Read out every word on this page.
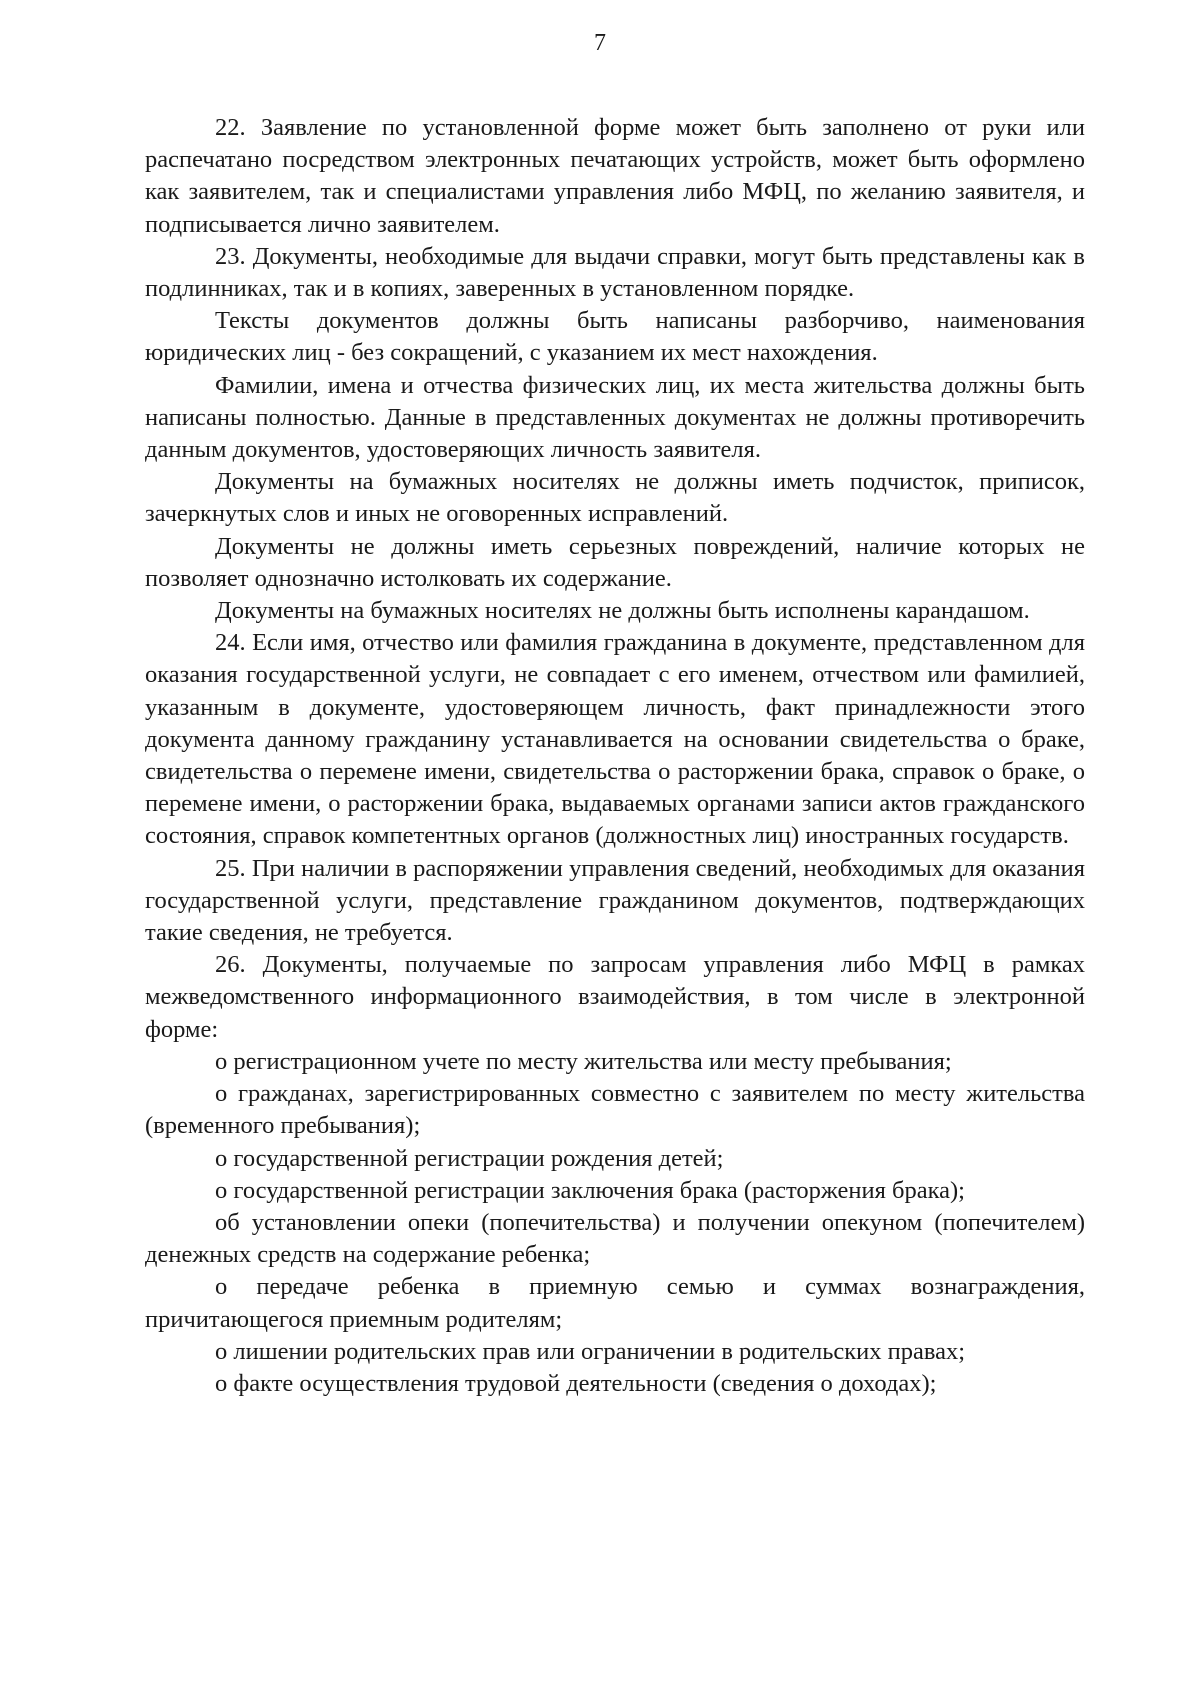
7

22. Заявление по установленной форме может быть заполнено от руки или распечатано посредством электронных печатающих устройств, может быть оформлено как заявителем, так и специалистами управления либо МФЦ, по желанию заявителя, и подписывается лично заявителем.

23. Документы, необходимые для выдачи справки, могут быть представлены как в подлинниках, так и в копиях, заверенных в установленном порядке.

Тексты документов должны быть написаны разборчиво, наименования юридических лиц - без сокращений, с указанием их мест нахождения.

Фамилии, имена и отчества физических лиц, их места жительства должны быть написаны полностью. Данные в представленных документах не должны противоречить данным документов, удостоверяющих личность заявителя.

Документы на бумажных носителях не должны иметь подчисток, приписок, зачеркнутых слов и иных не оговоренных исправлений.

Документы не должны иметь серьезных повреждений, наличие которых не позволяет однозначно истолковать их содержание.

Документы на бумажных носителях не должны быть исполнены карандашом.

24. Если имя, отчество или фамилия гражданина в документе, представленном для оказания государственной услуги, не совпадает с его именем, отчеством или фамилией, указанным в документе, удостоверяющем личность, факт принадлежности этого документа данному гражданину устанавливается на основании свидетельства о браке, свидетельства о перемене имени, свидетельства о расторжении брака, справок о браке, о перемене имени, о расторжении брака, выдаваемых органами записи актов гражданского состояния, справок компетентных органов (должностных лиц) иностранных государств.

25. При наличии в распоряжении управления сведений, необходимых для оказания государственной услуги, представление гражданином документов, подтверждающих такие сведения, не требуется.

26. Документы, получаемые по запросам управления либо МФЦ в рамках межведомственного информационного взаимодействия, в том числе в электронной форме:

о регистрационном учете по месту жительства или месту пребывания;

о гражданах, зарегистрированных совместно с заявителем по месту жительства (временного пребывания);

о государственной регистрации рождения детей;

о государственной регистрации заключения брака (расторжения брака);

об установлении опеки (попечительства) и получении опекуном (попечителем) денежных средств на содержание ребенка;

о передаче ребенка в приемную семью и суммах вознаграждения, причитающегося приемным родителям;

о лишении родительских прав или ограничении в родительских правах;

о факте осуществления трудовой деятельности (сведения о доходах);
